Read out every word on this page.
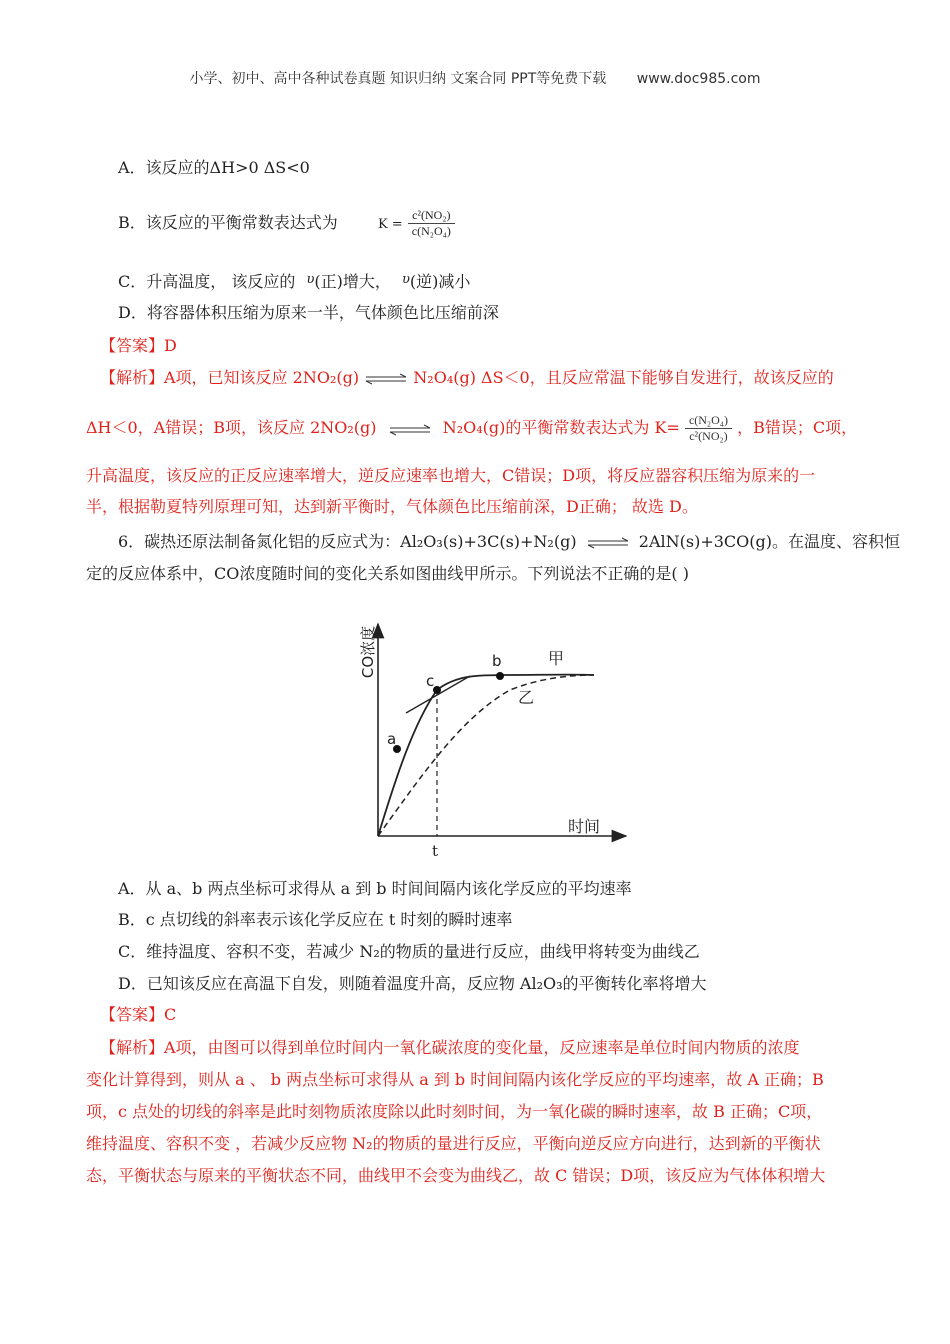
小学、初中、高中各种试卷真题 知识归纳 文案合同 PPT等免费下载 www.doc985.com
A．该反应的ΔH>0 ΔS<0
B．该反应的平衡常数表达式为	$K = \frac{\text{c²(NO₂)}}{\text{c(N₂O₄)}}$
C．升高温度， 该反应的 $^\upsilon$(正)增大， $^\upsilon$(逆)减小
D．将容器体积压缩为原来一半，气体颜色比压缩前深
【答案】D
【解析】A项，已知该反应 2NO₂(g) ⇌ N₂O₄(g) ΔS＜0，且反应常温下能够自发进行，故该反应的
ΔH＜0，A错误；B项，该反应 2NO₂(g) ⇌ N₂O₄(g)的平衡常数表达式为 $K= \frac{\text{c(N₂O₄)}}{\text{c²(NO₂)}}$ ，B错误；C项，
升高温度，该反应的正反应速率增大，逆反应速率也增大，C错误；D项，将反应器容积压缩为原来的一
半，根据勒夏特列原理可知，达到新平衡时，气体颜色比压缩前深，D正确； 故选 D。
6．碳热还原法制备氮化铝的反应式为：Al₂O₃(s)+3C(s)+N₂(g) ⇌ 2AlN(s)+3CO(g)。在温度、容积恒
定的反应体系中，CO浓度随时间的变化关系如图曲线甲所示。下列说法不正确的是( )
CO浓度
a
b
c
甲
乙
t
时间
A．从 a、b 两点坐标可求得从 a 到 b 时间间隔内该化学反应的平均速率
B．c 点切线的斜率表示该化学反应在 t 时刻的瞬时速率
C．维持温度、容积不变，若减少 N₂的物质的量进行反应，曲线甲将转变为曲线乙
D．已知该反应在高温下自发，则随着温度升高，反应物 Al₂O₃的平衡转化率将增大
【答案】C
【解析】A项，由图可以得到单位时间内一氧化碳浓度的变化量，反应速率是单位时间内物质的浓度
变化计算得到，则从 a 、 b 两点坐标可求得从 a 到 b 时间间隔内该化学反应的平均速率，故 A 正确；B
项，c 点处的切线的斜率是此时刻物质浓度除以此时刻时间，为一氧化碳的瞬时速率，故 B 正确；C项，
维持温度、容积不变 ，若减少反应物 N₂的物质的量进行反应，平衡向逆反应方向进行，达到新的平衡状
态，平衡状态与原来的平衡状态不同，曲线甲不会变为曲线乙，故 C 错误；D项，该反应为气体体积增大
